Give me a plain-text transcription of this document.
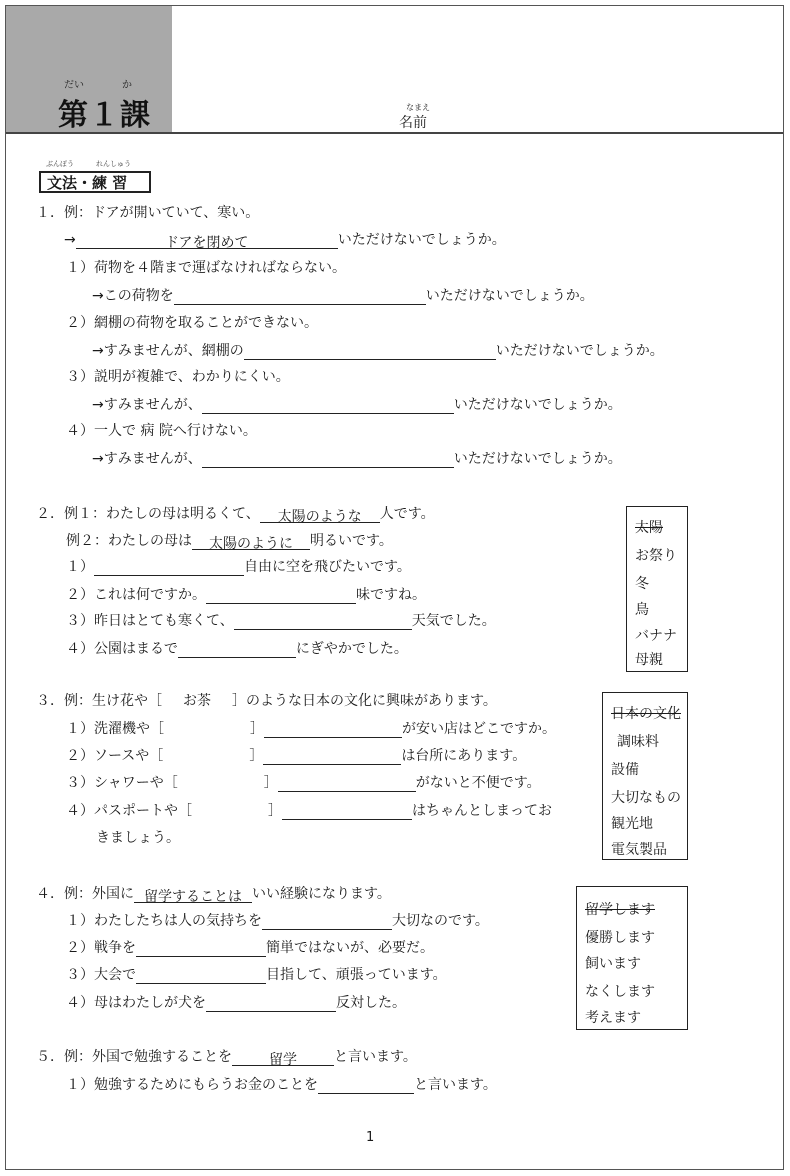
だい	か
第１課	なまえ
名前
ぶんぽう	れんしゅう
文法・練 習
１．例：ドアが開いていて、寒い。
→	ドアを閉めて	いただけないでしょうか。
１）荷物を４階まで運ばなければならない。
→この荷物を	いただけないでしょうか。
２）網棚の荷物を取ることができない。
→すみませんが、網棚の	いただけないでしょうか。
３）説明が複雑で、わかりにくい。
→すみませんが、	いただけないでしょうか。
４）一人で 病 院へ行けない。
→すみませんが、	いただけないでしょうか。
２．例１：わたしの母は明るくて、 太陽のような 人です。
例２：わたしの母は 太陽のように 明るいです。
１）	自由に空を飛びたいです。
２）これは何ですか。	味ですね。
３）昨日はとても寒くて、	天気でした。
４）公園はまるで	にぎやかでした。
太陽
お祭り
冬
鳥
バナナ
母親
３．例：生け花や［ お茶 ］のような日本の文化に興味があります。
１）洗濯機や［	］	が安い店はどこですか。
２）ソースや［	］	は台所にあります。
３）シャワーや［	］	がないと不便です。
４）パスポートや［	］	はちゃんとしまってお
きましょう。
日本の文化
調味料
設備
大切なもの
観光地
電気製品
４．例：外国に 留学することは いい経験になります。
１）わたしたちは人の気持ちを	大切なのです。
２）戦争を	簡単ではないが、必要だ。
３）大会で	目指して、頑張っています。
４）母はわたしが犬を	反対した。
留学します
優勝します
飼います
なくします
考えます
５．例：外国で勉強することを	留学	と言います。
１）勉強するためにもらうお金のことを	と言います。
1
